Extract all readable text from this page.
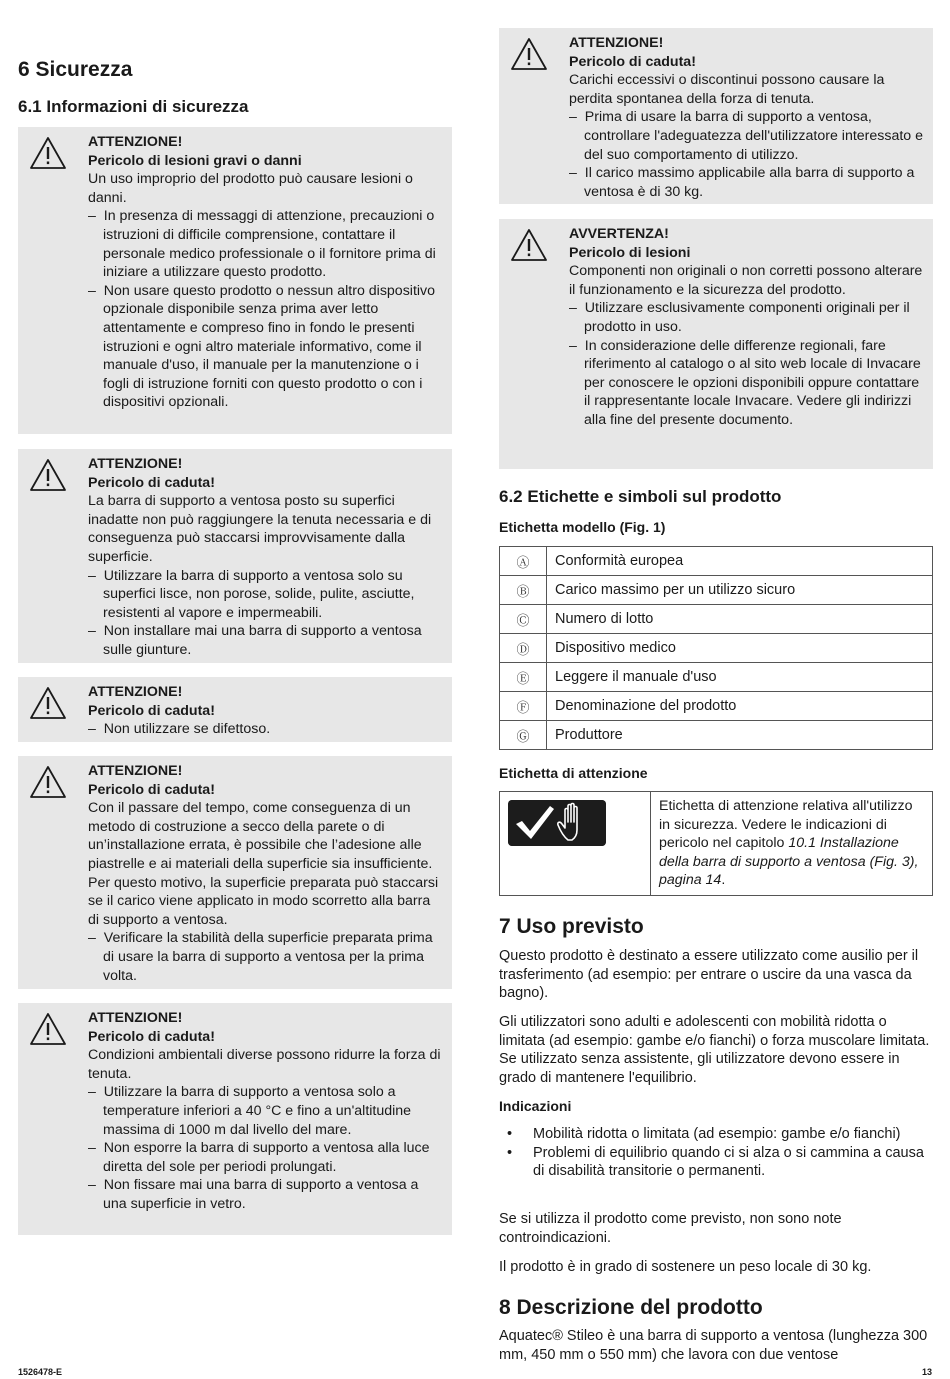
6 Sicurezza
6.1 Informazioni di sicurezza
ATTENZIONE!
Pericolo di lesioni gravi o danni
Un uso improprio del prodotto può causare lesioni o danni.
–  In presenza di messaggi di attenzione, precauzioni o istruzioni di difficile comprensione, contattare il personale medico professionale o il fornitore prima di iniziare a utilizzare questo prodotto.
–  Non usare questo prodotto o nessun altro dispositivo opzionale disponibile senza prima aver letto attentamente e compreso fino in fondo le presenti istruzioni e ogni altro materiale informativo, come il manuale d'uso, il manuale per la manutenzione o i fogli di istruzione forniti con questo prodotto o con i dispositivi opzionali.
ATTENZIONE!
Pericolo di caduta!
La barra di supporto a ventosa posto su superfici inadatte non può raggiungere la tenuta necessaria e di conseguenza può staccarsi improvvisamente dalla superficie.
–  Utilizzare la barra di supporto a ventosa solo su superfici lisce, non porose, solide, pulite, asciutte, resistenti al vapore e impermeabili.
–  Non installare mai una barra di supporto a ventosa sulle giunture.
ATTENZIONE!
Pericolo di caduta!
–  Non utilizzare se difettoso.
ATTENZIONE!
Pericolo di caduta!
Con il passare del tempo, come conseguenza di un metodo di costruzione a secco della parete o di un’installazione errata, è possibile che l’adesione alle piastrelle e ai materiali della superficie sia insufficiente. Per questo motivo, la superficie preparata può staccarsi se il carico viene applicato in modo scorretto alla barra di supporto a ventosa.
–  Verificare la stabilità della superficie preparata prima di usare la barra di supporto a ventosa per la prima volta.
ATTENZIONE!
Pericolo di caduta!
Condizioni ambientali diverse possono ridurre la forza di tenuta.
–  Utilizzare la barra di supporto a ventosa solo a temperature inferiori a 40 °C e fino a un'altitudine massima di 1000 m dal livello del mare.
–  Non esporre la barra di supporto a ventosa alla luce diretta del sole per periodi prolungati.
–  Non fissare mai una barra di supporto a ventosa a una superficie in vetro.
ATTENZIONE!
Pericolo di caduta!
Carichi eccessivi o discontinui possono causare la perdita spontanea della forza di tenuta.
–  Prima di usare la barra di supporto a ventosa, controllare l'adeguatezza dell'utilizzatore interessato e del suo comportamento di utilizzo.
–  Il carico massimo applicabile alla barra di supporto a ventosa è di 30 kg.
AVVERTENZA!
Pericolo di lesioni
Componenti non originali o non corretti possono alterare il funzionamento e la sicurezza del prodotto.
–  Utilizzare esclusivamente componenti originali per il prodotto in uso.
–  In considerazione delle differenze regionali, fare riferimento al catalogo o al sito web locale di Invacare per conoscere le opzioni disponibili oppure contattare il rappresentante locale Invacare. Vedere gli indirizzi alla fine del presente documento.
6.2 Etichette e simboli sul prodotto
Etichetta modello (Fig. 1)
Ⓐ	Conformità europea
Ⓑ	Carico massimo per un utilizzo sicuro
Ⓒ	Numero di lotto
Ⓓ	Dispositivo medico
Ⓔ	Leggere il manuale d'uso
Ⓕ	Denominazione del prodotto
Ⓖ	Produttore
Etichetta di attenzione
	Etichetta di attenzione relativa all'utilizzo in sicurezza. Vedere le indicazioni di pericolo nel capitolo 10.1 Installazione della barra di supporto a ventosa (Fig. 3), pagina 14.
7 Uso previsto

Questo prodotto è destinato a essere utilizzato come ausilio per il trasferimento (ad esempio: per entrare o uscire da una vasca da bagno).

Gli utilizzatori sono adulti e adolescenti con mobilità ridotta o limitata (ad esempio: gambe e/o fianchi) o forza muscolare limitata. Se utilizzato senza assistente, gli utilizzatore devono essere in grado di mantenere l'equilibrio.

Indicazioni
• Mobilità ridotta o limitata (ad esempio: gambe e/o fianchi)
• Problemi di equilibrio quando ci si alza o si cammina a causa di disabilità transitorie o permanenti.

Se si utilizza il prodotto come previsto, non sono note controindicazioni.

Il prodotto è in grado di sostenere un peso locale di 30 kg.

8 Descrizione del prodotto

Aquatec® Stileo è una barra di supporto a ventosa (lunghezza 300 mm, 450 mm o 550 mm) che lavora con due ventose

1526478-E	13
